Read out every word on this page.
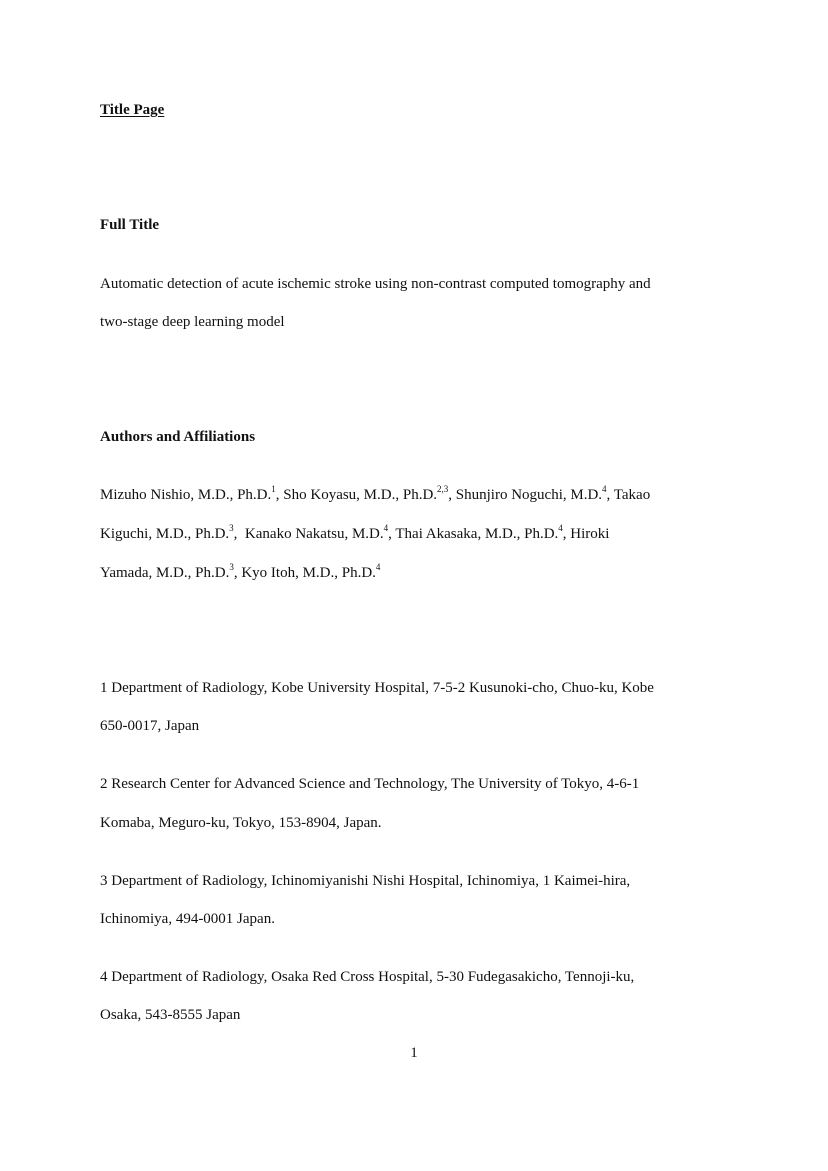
Title Page
Full Title
Automatic detection of acute ischemic stroke using non-contrast computed tomography and
two-stage deep learning model
Authors and Affiliations
Mizuho Nishio, M.D., Ph.D.$^1$, Sho Koyasu, M.D., Ph.D.$^{2,3}$, Shunjiro Noguchi, M.D.$^4$, Takao
Kiguchi, M.D., Ph.D.$^3$,  Kanako Nakatsu, M.D.$^4$, Thai Akasaka, M.D., Ph.D.$^4$, Hiroki
Yamada, M.D., Ph.D.$^3$, Kyo Itoh, M.D., Ph.D.$^4$
1 Department of Radiology, Kobe University Hospital, 7-5-2 Kusunoki-cho, Chuo-ku, Kobe
650-0017, Japan
2 Research Center for Advanced Science and Technology, The University of Tokyo, 4-6-1
Komaba, Meguro-ku, Tokyo, 153-8904, Japan.
3 Department of Radiology, Ichinomiyanishi Nishi Hospital, Ichinomiya, 1 Kaimei-hira,
Ichinomiya, 494-0001 Japan.
4 Department of Radiology, Osaka Red Cross Hospital, 5-30 Fudegasakicho, Tennoji-ku,
Osaka, 543-8555 Japan
1
